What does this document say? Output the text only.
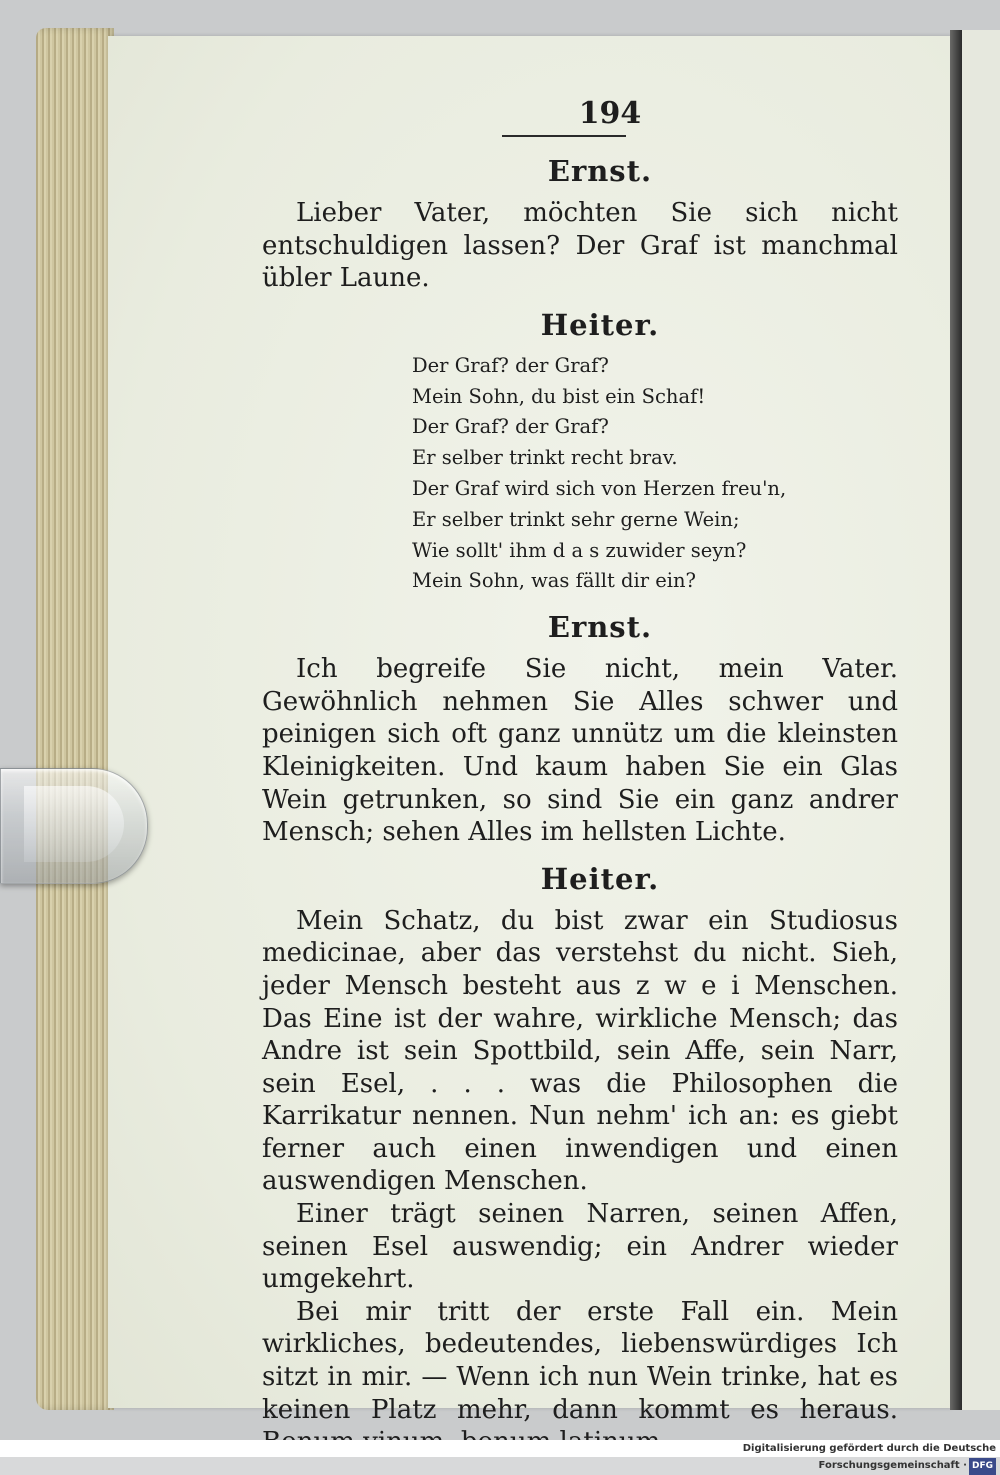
194
Ernst.

Lieber Vater, möchten Sie sich nicht entschuldigen lassen? Der Graf ist manchmal übler Laune.

Heiter.
Der Graf? der Graf?
Mein Sohn, du bist ein Schaf!
Der Graf? der Graf?
Er selber trinkt recht brav.
Der Graf wird sich von Herzen freu'n,
Er selber trinkt sehr gerne Wein;
Wie sollt' ihm d a s zuwider seyn?
Mein Sohn, was fällt dir ein?
Ernst.

Ich begreife Sie nicht, mein Vater. Gewöhnlich nehmen Sie Alles schwer und peinigen sich oft ganz unnütz um die kleinsten Kleinigkeiten. Und kaum haben Sie ein Glas Wein getrunken, so sind Sie ein ganz andrer Mensch; sehen Alles im hellsten Lichte.

Heiter.

Mein Schatz, du bist zwar ein Studiosus medicinae, aber das verstehst du nicht. Sieh, jeder Mensch besteht aus z w e i Menschen. Das Eine ist der wahre, wirkliche Mensch; das Andre ist sein Spottbild, sein Affe, sein Narr, sein Esel, . . . was die Philosophen die Karrikatur nennen. Nun nehm' ich an: es giebt ferner auch einen inwendigen und einen auswendigen Menschen.

Einer trägt seinen Narren, seinen Affen, seinen Esel auswendig; ein Andrer wieder umgekehrt.

Bei mir tritt der erste Fall ein. Mein wirkliches, bedeutendes, liebenswürdiges Ich sitzt in mir. — Wenn ich nun Wein trinke, hat es keinen Platz mehr, dann kommt es heraus.

Digitalisierung gefördert durch die Deutsche Forschungsgemeinschaft · DFG
